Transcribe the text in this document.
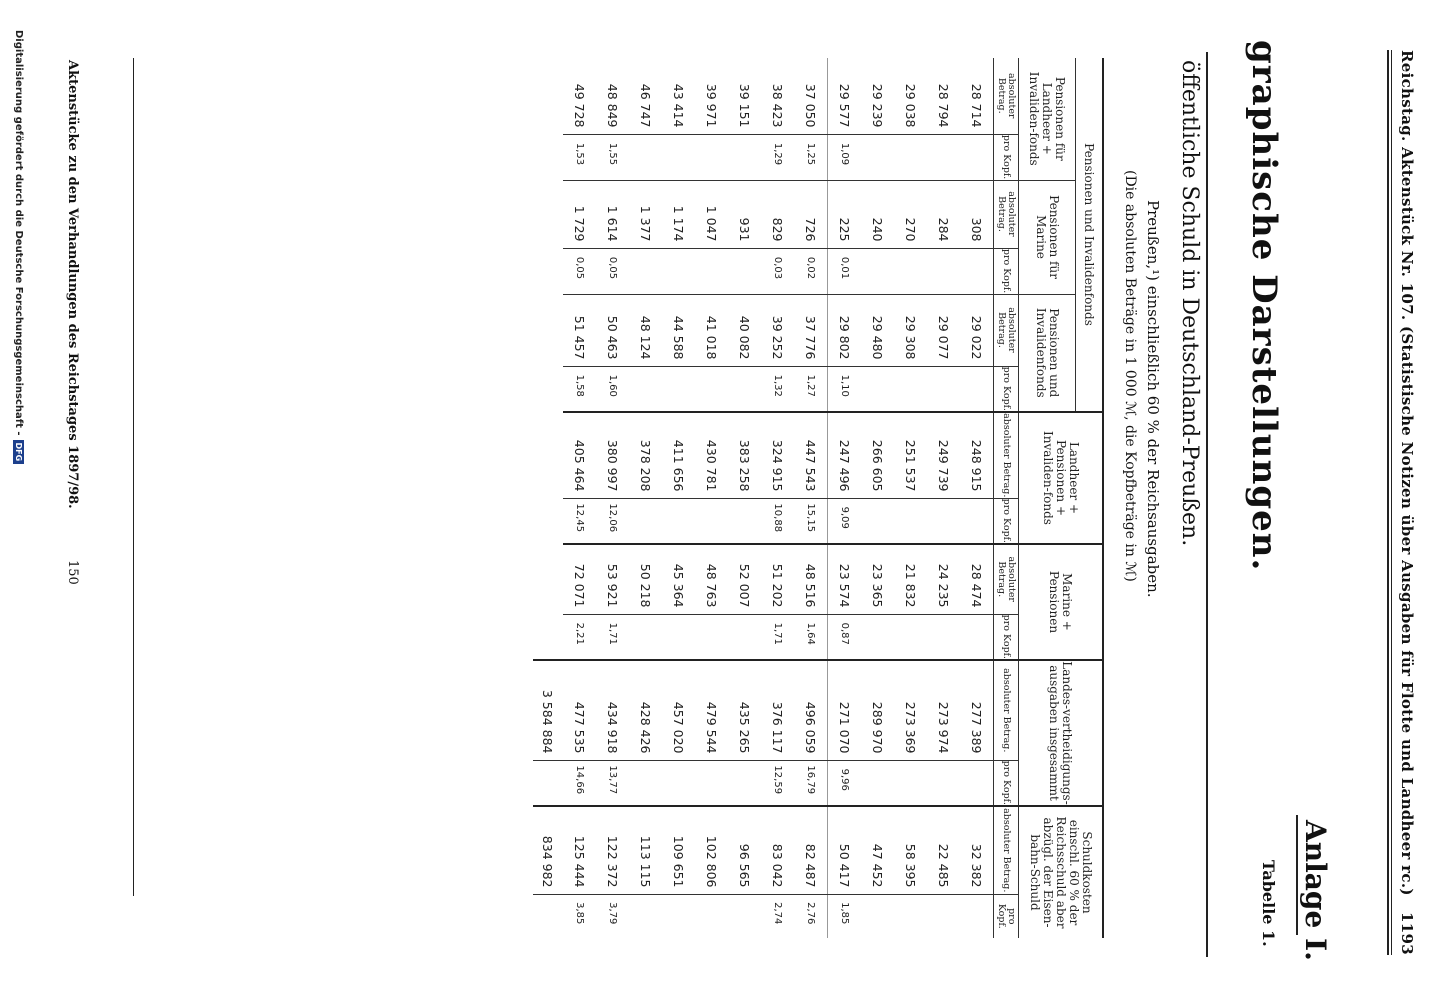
Reichstag. Aktenstück Nr. 107. (Statistische Notizen über Ausgaben für Flotte und Landheer rc.)
1193
graphische Darstellungen.
Anlage I.
Tabelle 1.
öffentliche Schuld in Deutschland-Preußen.
Preußen,¹) einschließlich 60 % der Reichsausgaben.
(Die absoluten Beträge in 1 000 ℳ, die Kopfbeträge in ℳ)
Pensionen und Invalidenfonds						Landheer + Pensionen + Invaliden-fonds		Marine + Pensionen		Landes-vertheidigungs-ausgaben insgesammt		Schuldkosten einschl. 60 % der Reichsschuld aber abzügl. der Eisen-bahn-Schuld	
Pensionen für Landheer + Invaliden-fonds		Pensionen für Marine		Pensionen und Invalidenfonds									
absoluter Betrag.	pro Kopf.	absoluter Betrag.	pro Kopf.	absoluter Betrag.	pro Kopf.	absoluter Betrag.	pro Kopf.	absoluter Betrag.	pro Kopf.	absoluter Betrag.	pro Kopf.	absoluter Betrag.	pro Kopf.
28 714		308		29 022		248 915		28 474		277 389		32 382	
28 794		284		29 077		249 739		24 235		273 974		22 485	
29 038		270		29 308		251 537		21 832		273 369		58 395	
29 239		240		29 480		266 605		23 365		289 970		47 452	
29 577	1,09	225	0,01	29 802	1,10	247 496	9,09	23 574	0,87	271 070	9,96	50 417	1,85
37 050	1,25	726	0,02	37 776	1,27	447 543	15,15	48 516	1,64	496 059	16,79	82 487	2,76
38 423	1,29	829	0,03	39 252	1,32	324 915	10,88	51 202	1,71	376 117	12,59	83 042	2,74
39 151		931		40 082		383 258		52 007		435 265		96 565	
39 971		1 047		41 018		430 781		48 763		479 544		102 806	
43 414		1 174		44 588		411 656		45 364		457 020		109 651	
46 747		1 377		48 124		378 208		50 218		428 426		113 115	
48 849	1,55	1 614	0,05	50 463	1,60	380 997	12,06	53 921	1,71	434 918	13,77	122 372	3,79
49 728	1,53	1 729	0,05	51 457	1,58	405 464	12,45	72 071	2,21	477 535	14,66	125 444	3,85
										3 584 884		834 982	

Aktenstücke zu den Verhandlungen des Reichstages 1897/98.
150
Digitalisierung gefördert durch die Deutsche Forschungsgemeinschaft -DFG
